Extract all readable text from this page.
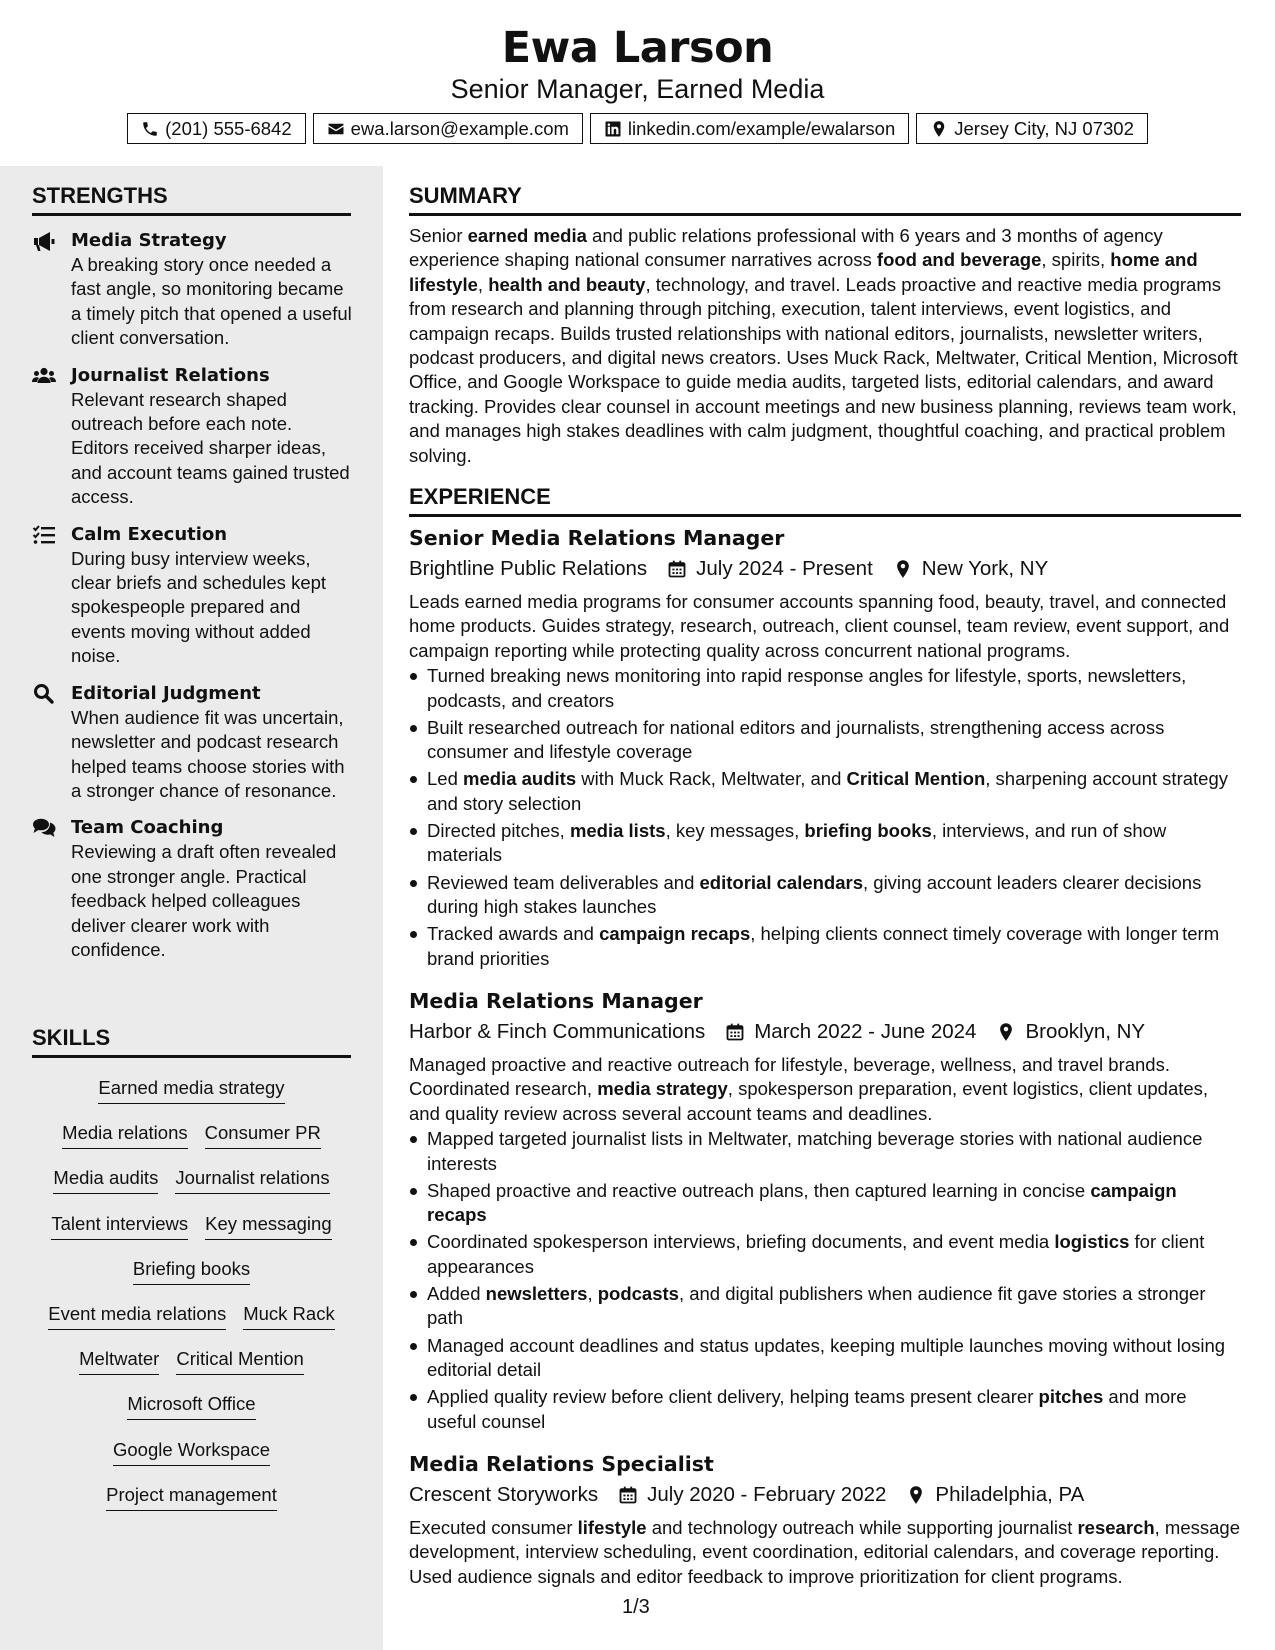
Ewa Larson
Senior Manager, Earned Media
(201) 555-6842	ewa.larson@example.com	linkedin.com/example/ewalarson	Jersey City, NJ 07302
STRENGTHS
Media Strategy
A breaking story once needed a fast angle, so monitoring became a timely pitch that opened a useful client conversation.
Journalist Relations
Relevant research shaped outreach before each note. Editors received sharper ideas, and account teams gained trusted access.
Calm Execution
During busy interview weeks, clear briefs and schedules kept spokespeople prepared and events moving without added noise.
Editorial Judgment
When audience fit was uncertain, newsletter and podcast research helped teams choose stories with a stronger chance of resonance.
Team Coaching
Reviewing a draft often revealed one stronger angle. Practical feedback helped colleagues deliver clearer work with confidence.
SKILLS
Earned media strategy
Media relations Consumer PR
Media audits Journalist relations
Talent interviews Key messaging
Briefing books
Event media relations Muck Rack
Meltwater Critical Mention
Microsoft Office
Google Workspace
Project management
SUMMARY
Senior earned media and public relations professional with 6 years and 3 months of agency experience shaping national consumer narratives across food and beverage, spirits, home and lifestyle, health and beauty, technology, and travel. Leads proactive and reactive media programs from research and planning through pitching, execution, talent interviews, event logistics, and campaign recaps. Builds trusted relationships with national editors, journalists, newsletter writers, podcast producers, and digital news creators. Uses Muck Rack, Meltwater, Critical Mention, Microsoft Office, and Google Workspace to guide media audits, targeted lists, editorial calendars, and award tracking. Provides clear counsel in account meetings and new business planning, reviews team work, and manages high stakes deadlines with calm judgment, thoughtful coaching, and practical problem solving.
EXPERIENCE
Senior Media Relations Manager
Brightline Public Relations July 2024 - Present New York, NY
Leads earned media programs for consumer accounts spanning food, beauty, travel, and connected home products. Guides strategy, research, outreach, client counsel, team review, event support, and campaign reporting while protecting quality across concurrent national programs.
Turned breaking news monitoring into rapid response angles for lifestyle, sports, newsletters, podcasts, and creators
Built researched outreach for national editors and journalists, strengthening access across consumer and lifestyle coverage
Led media audits with Muck Rack, Meltwater, and Critical Mention, sharpening account strategy and story selection
Directed pitches, media lists, key messages, briefing books, interviews, and run of show materials
Reviewed team deliverables and editorial calendars, giving account leaders clearer decisions during high stakes launches
Tracked awards and campaign recaps, helping clients connect timely coverage with longer term brand priorities
Media Relations Manager
Harbor & Finch Communications March 2022 - June 2024 Brooklyn, NY
Managed proactive and reactive outreach for lifestyle, beverage, wellness, and travel brands. Coordinated research, media strategy, spokesperson preparation, event logistics, client updates, and quality review across several account teams and deadlines.
Mapped targeted journalist lists in Meltwater, matching beverage stories with national audience interests
Shaped proactive and reactive outreach plans, then captured learning in concise campaign recaps
Coordinated spokesperson interviews, briefing documents, and event media logistics for client appearances
Added newsletters, podcasts, and digital publishers when audience fit gave stories a stronger path
Managed account deadlines and status updates, keeping multiple launches moving without losing editorial detail
Applied quality review before client delivery, helping teams present clearer pitches and more useful counsel
Media Relations Specialist
Crescent Storyworks July 2020 - February 2022 Philadelphia, PA
Executed consumer lifestyle and technology outreach while supporting journalist research, message development, interview scheduling, event coordination, editorial calendars, and coverage reporting. Used audience signals and editor feedback to improve prioritization for client programs.
1/3
